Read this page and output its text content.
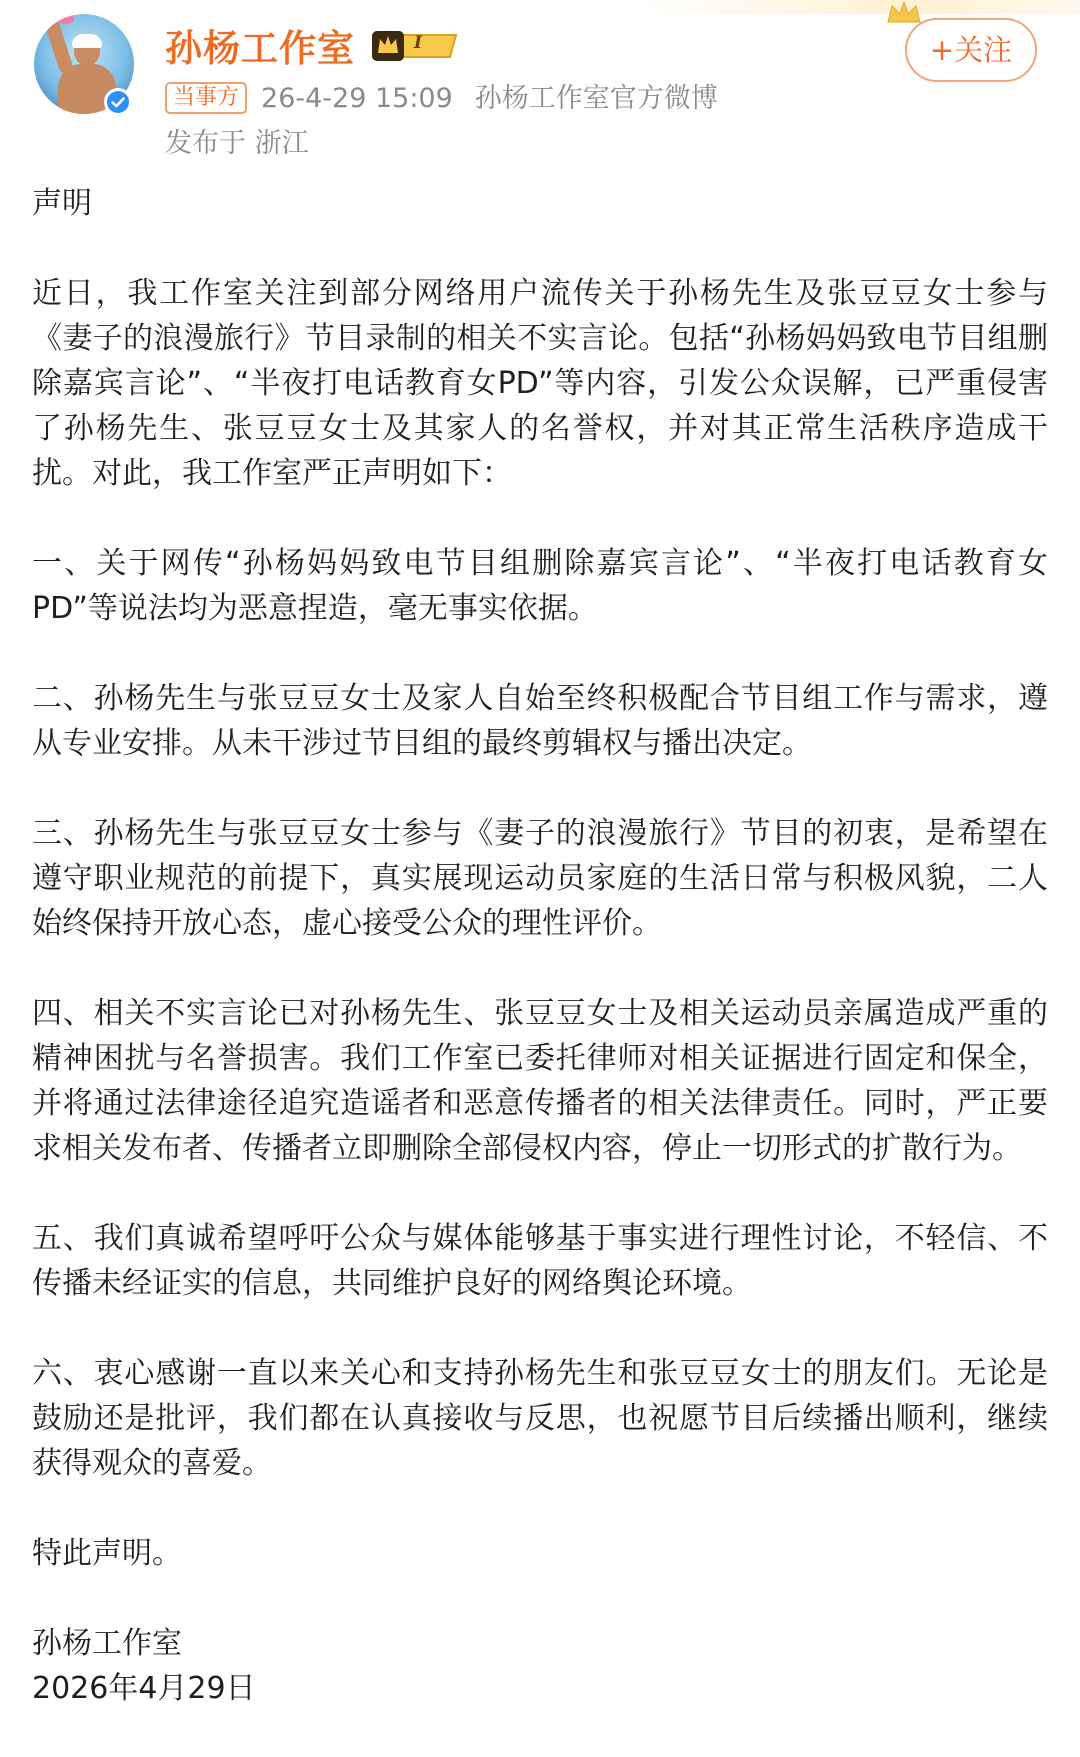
孙杨工作室	I	+关注
当事方 26-4-29 15:09 孙杨工作室官方微博
发布于 浙江

声明

近日，我工作室关注到部分网络用户流传关于孙杨先生及张豆豆女士参与《妻子的浪漫旅行》节目录制的相关不实言论。包括“孙杨妈妈致电节目组删除嘉宾言论”、“半夜打电话教育女PD”等内容，引发公众误解，已严重侵害了孙杨先生、张豆豆女士及其家人的名誉权，并对其正常生活秩序造成干扰。对此，我工作室严正声明如下：

一、关于网传“孙杨妈妈致电节目组删除嘉宾言论”、“半夜打电话教育女PD”等说法均为恶意捏造，毫无事实依据。

二、孙杨先生与张豆豆女士及家人自始至终积极配合节目组工作与需求，遵从专业安排。从未干涉过节目组的最终剪辑权与播出决定。

三、孙杨先生与张豆豆女士参与《妻子的浪漫旅行》节目的初衷，是希望在遵守职业规范的前提下，真实展现运动员家庭的生活日常与积极风貌，二人始终保持开放心态，虚心接受公众的理性评价。

四、相关不实言论已对孙杨先生、张豆豆女士及相关运动员亲属造成严重的精神困扰与名誉损害。我们工作室已委托律师对相关证据进行固定和保全，并将通过法律途径追究造谣者和恶意传播者的相关法律责任。同时，严正要求相关发布者、传播者立即删除全部侵权内容，停止一切形式的扩散行为。

五、我们真诚希望呼吁公众与媒体能够基于事实进行理性讨论，不轻信、不传播未经证实的信息，共同维护良好的网络舆论环境。

六、衷心感谢一直以来关心和支持孙杨先生和张豆豆女士的朋友们。无论是鼓励还是批评，我们都在认真接收与反思，也祝愿节目后续播出顺利，继续获得观众的喜爱。

特此声明。

孙杨工作室

2026年4月29日
